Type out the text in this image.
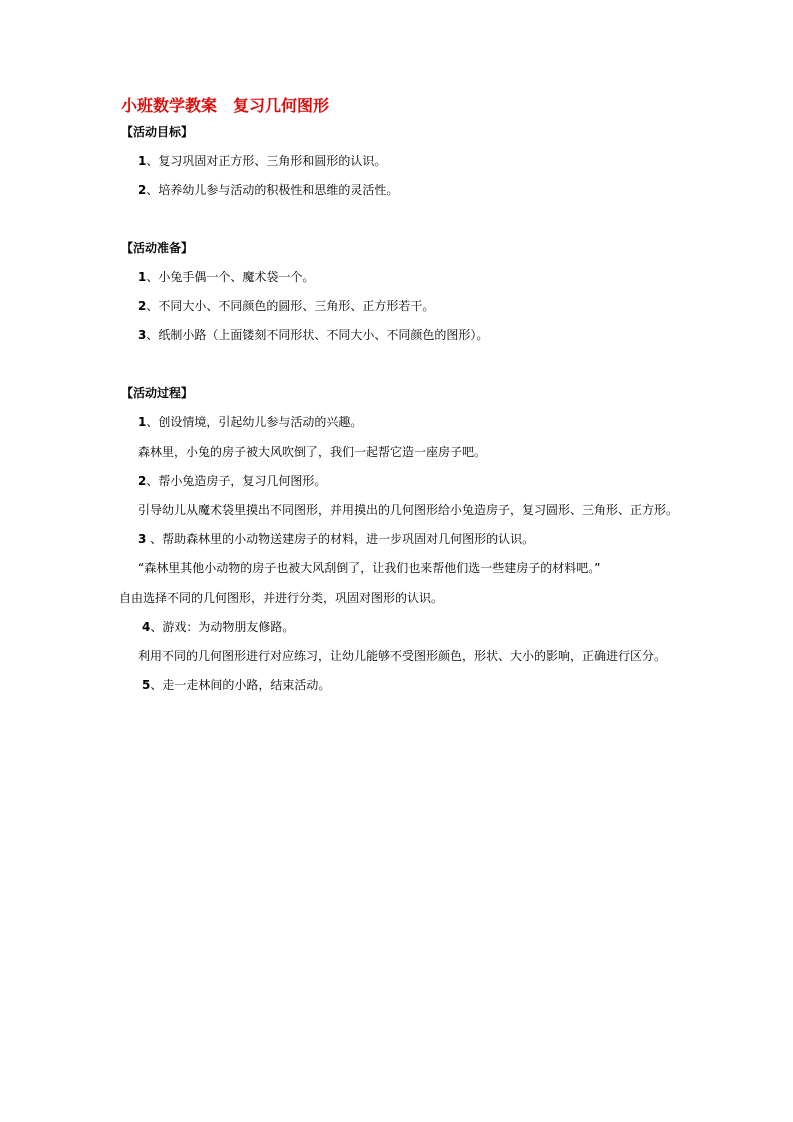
小班数学教案　复习几何图形
【活动目标】
1、复习巩固对正方形、三角形和圆形的认识。
2、培养幼儿参与活动的积极性和思维的灵活性。
【活动准备】
1、小兔手偶一个、魔术袋一个。
2、不同大小、不同颜色的圆形、三角形、正方形若干。
3、纸制小路（上面镂刻不同形状、不同大小、不同颜色的图形）。
【活动过程】
1、创设情境，引起幼儿参与活动的兴趣。
森林里，小兔的房子被大风吹倒了，我们一起帮它造一座房子吧。
2、帮小兔造房子，复习几何图形。
引导幼儿从魔术袋里摸出不同图形，并用摸出的几何图形给小兔造房子，复习圆形、三角形、正方形。
3 、帮助森林里的小动物送建房子的材料，进一步巩固对几何图形的认识。
“森林里其他小动物的房子也被大风刮倒了，让我们也来帮他们选一些建房子的材料吧。”
自由选择不同的几何图形，并进行分类，巩固对图形的认识。
4、游戏：为动物朋友修路。
利用不同的几何图形进行对应练习，让幼儿能够不受图形颜色，形状、大小的影响，正确进行区分。
5、走一走林间的小路，结束活动。
